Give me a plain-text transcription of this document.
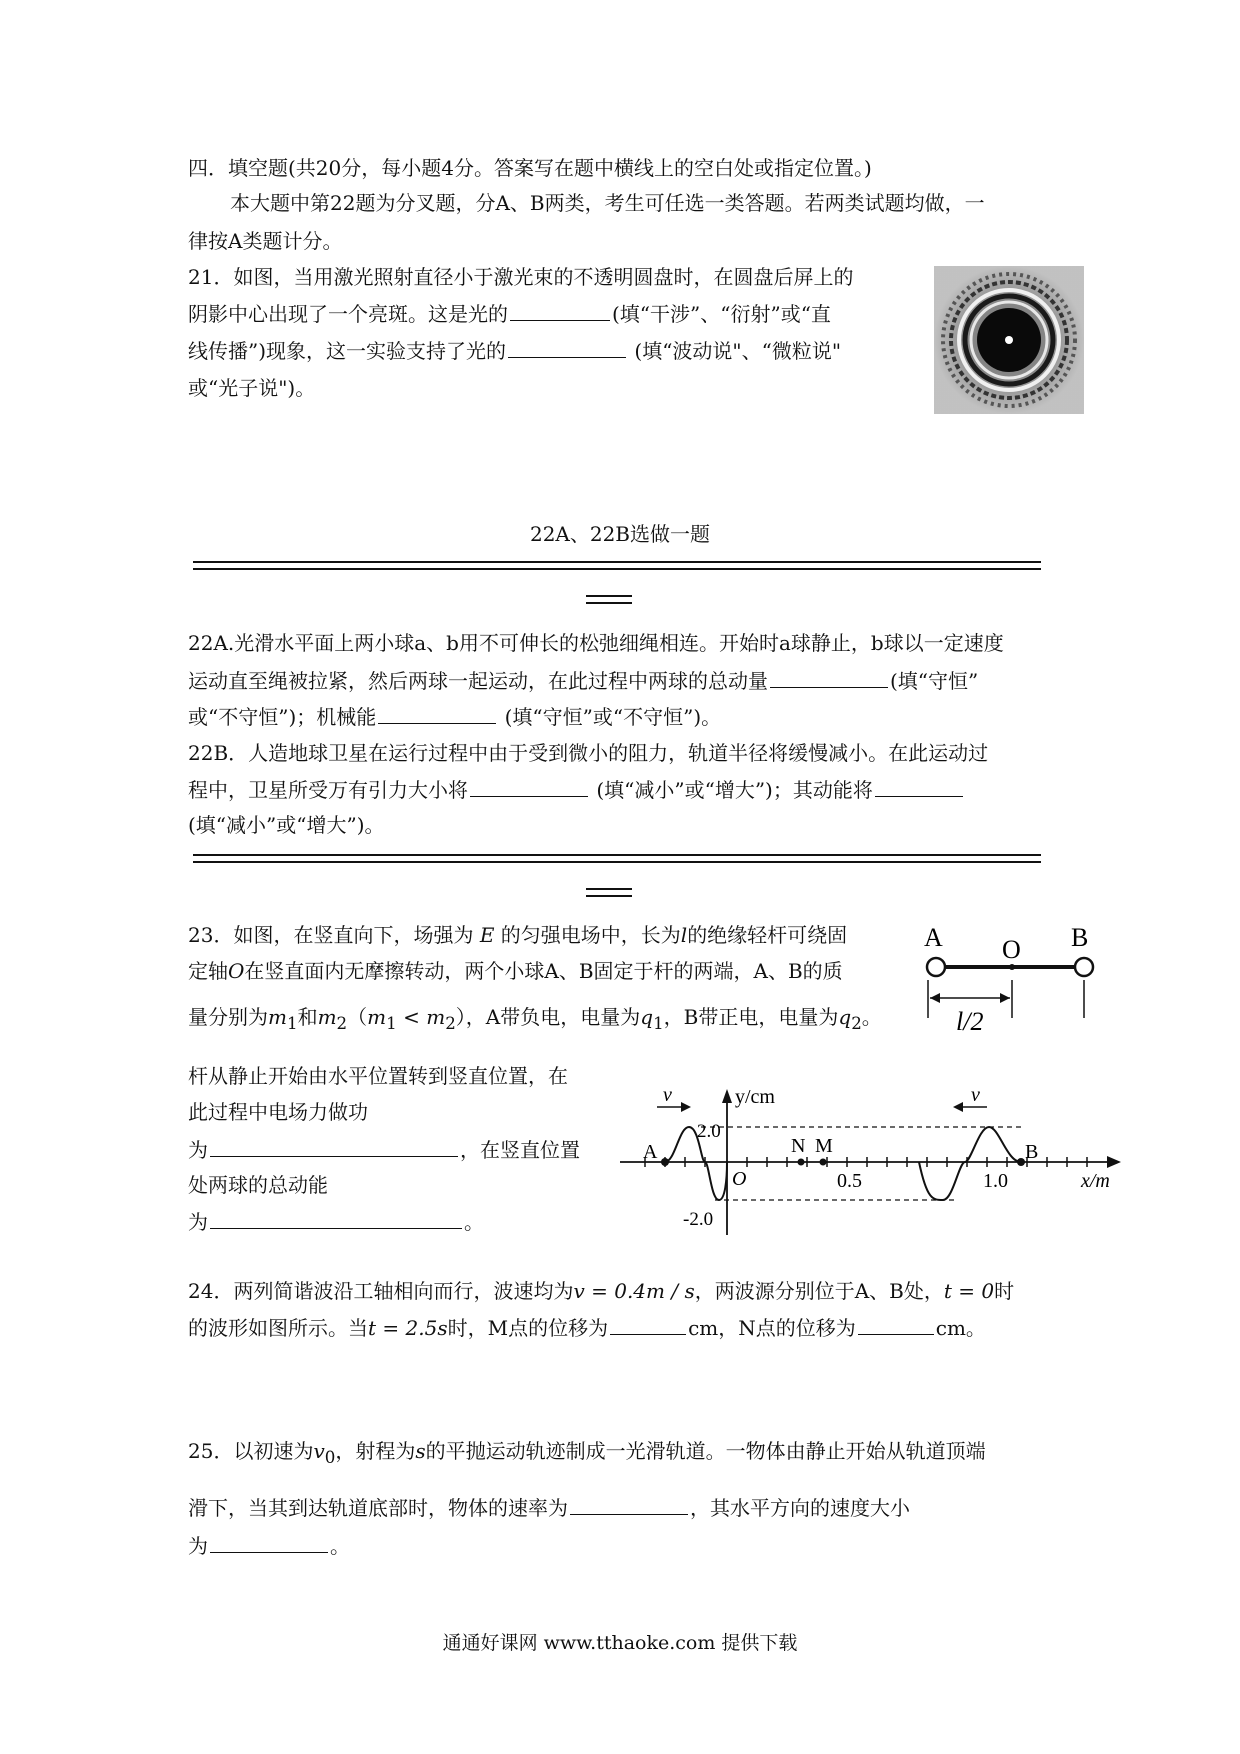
四．填空题(共20分，每小题4分。答案写在题中横线上的空白处或指定位置。)
本大题中第22题为分叉题，分A、B两类，考生可任选一类答题。若两类试题均做，一
律按A类题计分。
21．如图，当用激光照射直径小于激光束的不透明圆盘时，在圆盘后屏上的
阴影中心出现了一个亮斑。这是光的	(填“干涉”、“衍射”或“直
线传播”)现象，这一实验支持了光的	(填“波动说"、“微粒说"
或“光子说")。
22A、22B选做一题
22A.光滑水平面上两小球a、b用不可伸长的松弛细绳相连。开始时a球静止，b球以一定速度
运动直至绳被拉紧，然后两球一起运动，在此过程中两球的总动量	(填“守恒”
或“不守恒”)；机械能	(填“守恒”或“不守恒”)。
22B．人造地球卫星在运行过程中由于受到微小的阻力，轨道半径将缓慢减小。在此运动过
程中，卫星所受万有引力大小将	(填“减小”或“增大”)；其动能将
(填“减小”或“增大”)。
23．如图，在竖直向下，场强为 E 的匀强电场中，长为l的绝缘轻杆可绕固
定轴O在竖直面内无摩擦转动，两个小球A、B固定于杆的两端，A、B的质
量分别为$m_1$和$m_2(m_1 < m_2)$，A带负电，电量为$q_1$，B带正电，电量为$q_2$。
杆从静止开始由水平位置转到竖直位置，在
此过程中电场力做功
为	，在竖直位置
处两球的总动能
为	。
A O B
l/2
v	v
y/cm
2.0
-2.0
O
A	N M	B
0.5	1.0	x/m
24．两列简谐波沿工轴相向而行，波速均为v = 0.4m / s，两波源分别位于A、B处，t = 0时
的波形如图所示。当t = 2.5s时，M点的位移为	cm，N点的位移为	cm。
25．以初速为$v_0$，射程为s的平抛运动轨迹制成一光滑轨道。一物体由静止开始从轨道顶端
滑下，当其到达轨道底部时，物体的速率为	，其水平方向的速度大小
为	。
通通好课网 www.tthaoke.com 提供下载
